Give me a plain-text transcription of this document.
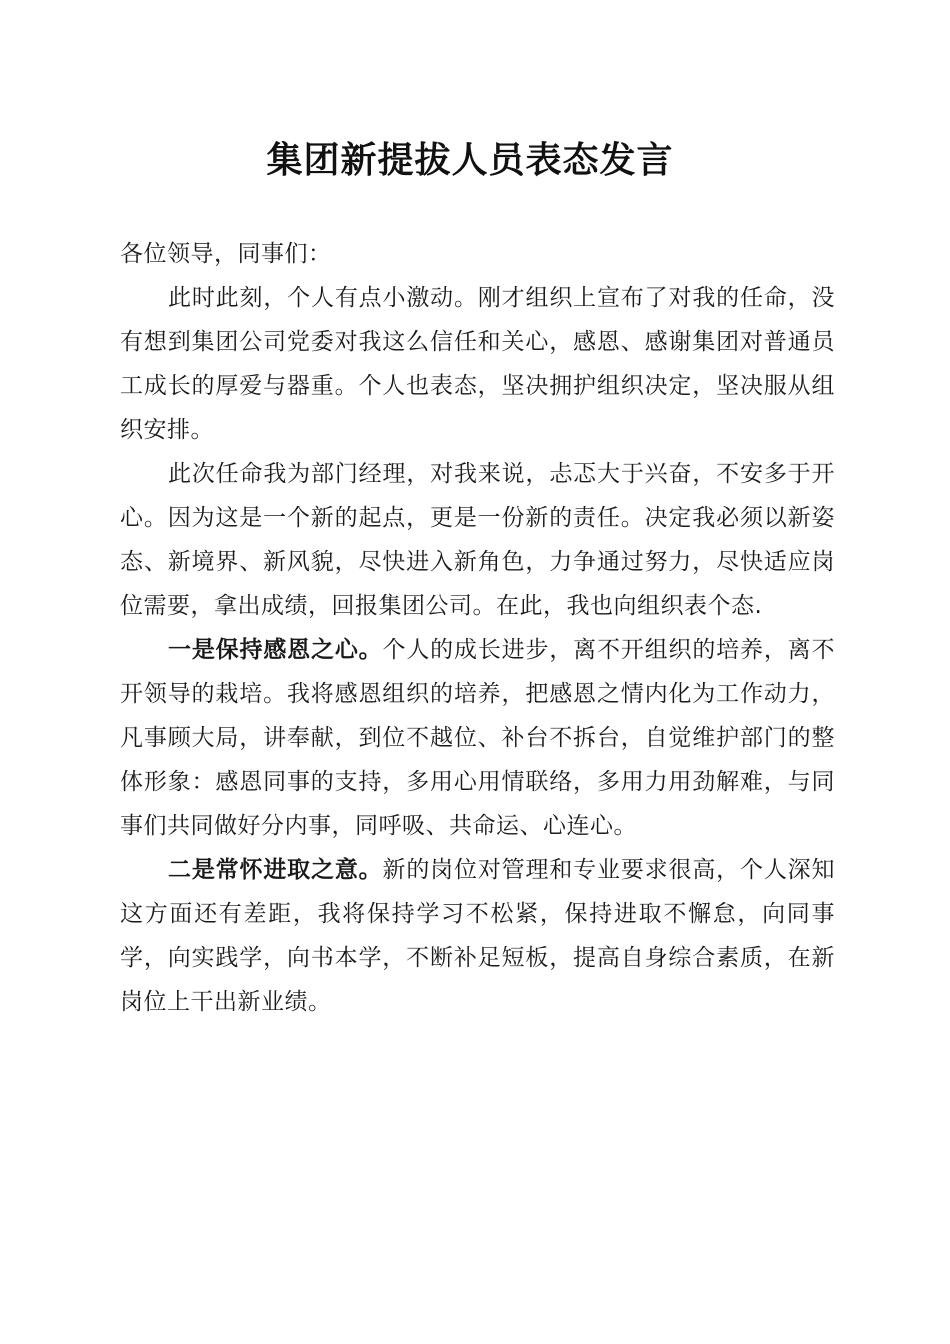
集团新提拔人员表态发言

各位领导，同事们：

此时此刻，个人有点小激动。刚才组织上宣布了对我的任命，没有想到集团公司党委对我这么信任和关心，感恩、感谢集团对普通员工成长的厚爱与器重。个人也表态，坚决拥护组织决定，坚决服从组织安排。

此次任命我为部门经理，对我来说，忐忑大于兴奋，不安多于开心。因为这是一个新的起点，更是一份新的责任。决定我必须以新姿态、新境界、新风貌，尽快进入新角色，力争通过努力，尽快适应岗位需要，拿出成绩，回报集团公司。在此，我也向组织表个态.

一是保持感恩之心。个人的成长进步，离不开组织的培养，离不开领导的栽培。我将感恩组织的培养，把感恩之情内化为工作动力，凡事顾大局，讲奉献，到位不越位、补台不拆台，自觉维护部门的整体形象：感恩同事的支持，多用心用情联络，多用力用劲解难，与同事们共同做好分内事，同呼吸、共命运、心连心。

二是常怀进取之意。新的岗位对管理和专业要求很高，个人深知这方面还有差距，我将保持学习不松紧，保持进取不懈怠，向同事学，向实践学，向书本学，不断补足短板，提高自身综合素质，在新岗位上干出新业绩。
